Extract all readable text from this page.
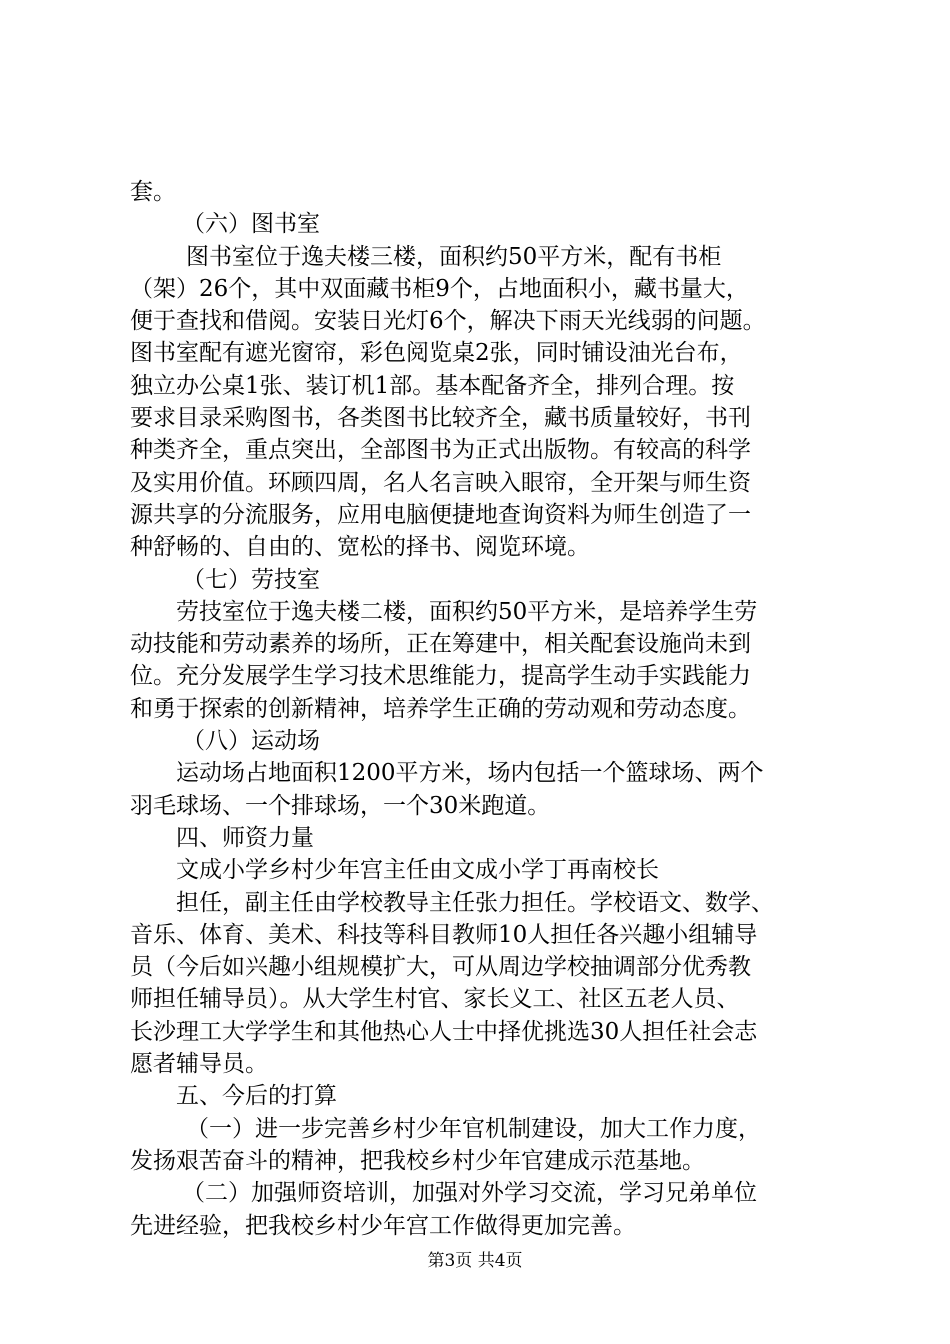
套。

（六）图书室

图书室位于逸夫楼三楼，面积约50平方米，配有书柜

（架）26个，其中双面藏书柜9个，占地面积小，藏书量大，

便于查找和借阅。安装日光灯6个，解决下雨天光线弱的问题。

图书室配有遮光窗帘，彩色阅览桌2张，同时铺设油光台布，

独立办公桌1张、装订机1部。基本配备齐全，排列合理。按

要求目录采购图书，各类图书比较齐全，藏书质量较好，书刊

种类齐全，重点突出，全部图书为正式出版物。有较高的科学

及实用价值。环顾四周，名人名言映入眼帘，全开架与师生资

源共享的分流服务，应用电脑便捷地查询资料为师生创造了一

种舒畅的、自由的、宽松的择书、阅览环境。

（七）劳技室

劳技室位于逸夫楼二楼，面积约50平方米，是培养学生劳

动技能和劳动素养的场所，正在筹建中，相关配套设施尚未到

位。充分发展学生学习技术思维能力，提高学生动手实践能力

和勇于探索的创新精神，培养学生正确的劳动观和劳动态度。

（八）运动场

运动场占地面积1200平方米，场内包括一个篮球场、两个

羽毛球场、一个排球场，一个30米跑道。

四、师资力量

文成小学乡村少年宫主任由文成小学丁再南校长

担任，副主任由学校教导主任张力担任。学校语文、数学、

音乐、体育、美术、科技等科目教师10人担任各兴趣小组辅导

员（今后如兴趣小组规模扩大，可从周边学校抽调部分优秀教

师担任辅导员）。从大学生村官、家长义工、社区五老人员、

长沙理工大学学生和其他热心人士中择优挑选30人担任社会志

愿者辅导员。

五、今后的打算

（一）进一步完善乡村少年官机制建设，加大工作力度，

发扬艰苦奋斗的精神，把我校乡村少年官建成示范基地。

（二）加强师资培训，加强对外学习交流，学习兄弟单位

先进经验，把我校乡村少年宫工作做得更加完善。

第3页 共4页
